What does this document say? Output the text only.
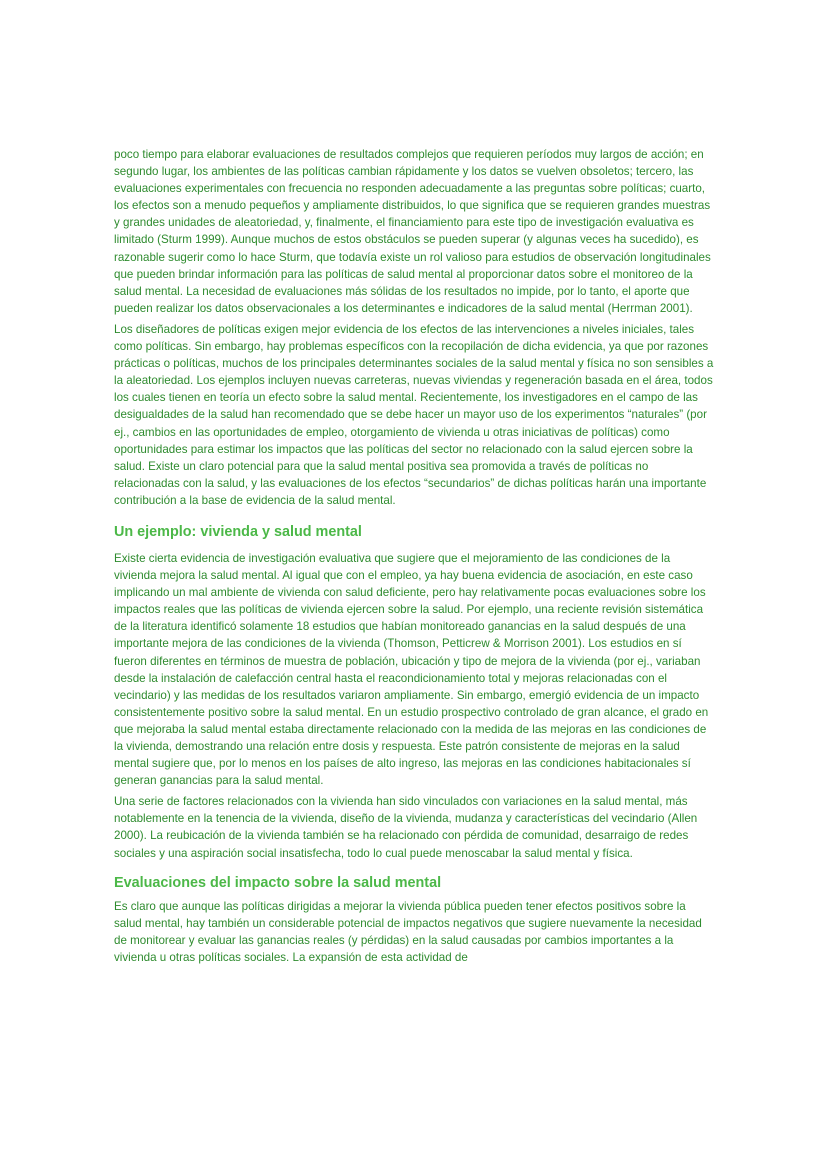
poco tiempo para elaborar evaluaciones de resultados complejos que requieren períodos muy largos de acción; en segundo lugar, los ambientes de las políticas cambian rápidamente y los datos se vuelven obsoletos; tercero, las evaluaciones experimentales con frecuencia no responden adecuadamente a las preguntas sobre políticas; cuarto, los efectos son a menudo pequeños y ampliamente distribuidos, lo que significa que se requieren grandes muestras y grandes unidades de aleatoriedad, y, finalmente, el financiamiento para este tipo de investigación evaluativa es limitado (Sturm 1999). Aunque muchos de estos obstáculos se pueden superar (y algunas veces ha sucedido), es razonable sugerir como lo hace Sturm, que todavía existe un rol valioso para estudios de observación longitudinales que pueden brindar información para las políticas de salud mental al proporcionar datos sobre el monitoreo de la salud mental. La necesidad de evaluaciones más sólidas de los resultados no impide, por lo tanto, el aporte que pueden realizar los datos observacionales a los determinantes e indicadores de la salud mental (Herrman 2001).

Los diseñadores de políticas exigen mejor evidencia de los efectos de las intervenciones a niveles iniciales, tales como políticas. Sin embargo, hay problemas específicos con la recopilación de dicha evidencia, ya que por razones prácticas o políticas, muchos de los principales determinantes sociales de la salud mental y física no son sensibles a la aleatoriedad. Los ejemplos incluyen nuevas carreteras, nuevas viviendas y regeneración basada en el área, todos los cuales tienen en teoría un efecto sobre la salud mental. Recientemente, los investigadores en el campo de las desigualdades de la salud han recomendado que se debe hacer un mayor uso de los experimentos “naturales” (por ej., cambios en las oportunidades de empleo, otorgamiento de vivienda u otras iniciativas de políticas) como oportunidades para estimar los impactos que las políticas del sector no relacionado con la salud ejercen sobre la salud. Existe un claro potencial para que la salud mental positiva sea promovida a través de políticas no relacionadas con la salud, y las evaluaciones de los efectos “secundarios” de dichas políticas harán una importante contribución a la base de evidencia de la salud mental.

Un ejemplo: vivienda y salud mental

Existe cierta evidencia de investigación evaluativa que sugiere que el mejoramiento de las condiciones de la vivienda mejora la salud mental. Al igual que con el empleo, ya hay buena evidencia de asociación, en este caso implicando un mal ambiente de vivienda con salud deficiente, pero hay relativamente pocas evaluaciones sobre los impactos reales que las políticas de vivienda ejercen sobre la salud. Por ejemplo, una reciente revisión sistemática de la literatura identificó solamente 18 estudios que habían monitoreado ganancias en la salud después de una importante mejora de las condiciones de la vivienda (Thomson, Petticrew & Morrison 2001). Los estudios en sí fueron diferentes en términos de muestra de población, ubicación y tipo de mejora de la vivienda (por ej., variaban desde la instalación de calefacción central hasta el reacondicionamiento total y mejoras relacionadas con el vecindario) y las medidas de los resultados variaron ampliamente. Sin embargo, emergió evidencia de un impacto consistentemente positivo sobre la salud mental. En un estudio prospectivo controlado de gran alcance, el grado en que mejoraba la salud mental estaba directamente relacionado con la medida de las mejoras en las condiciones de la vivienda, demostrando una relación entre dosis y respuesta. Este patrón consistente de mejoras en la salud mental sugiere que, por lo menos en los países de alto ingreso, las mejoras en las condiciones habitacionales sí generan ganancias para la salud mental.

Una serie de factores relacionados con la vivienda han sido vinculados con variaciones en la salud mental, más notablemente en la tenencia de la vivienda, diseño de la vivienda, mudanza y características del vecindario (Allen 2000). La reubicación de la vivienda también se ha relacionado con pérdida de comunidad, desarraigo de redes sociales y una aspiración social insatisfecha, todo lo cual puede menoscabar la salud mental y física.

Evaluaciones del impacto sobre la salud mental

Es claro que aunque las políticas dirigidas a mejorar la vivienda pública pueden tener efectos positivos sobre la salud mental, hay también un considerable potencial de impactos negativos que sugiere nuevamente la necesidad de monitorear y evaluar las ganancias reales (y pérdidas) en la salud causadas por cambios importantes a la vivienda u otras políticas sociales. La expansión de esta actividad de
